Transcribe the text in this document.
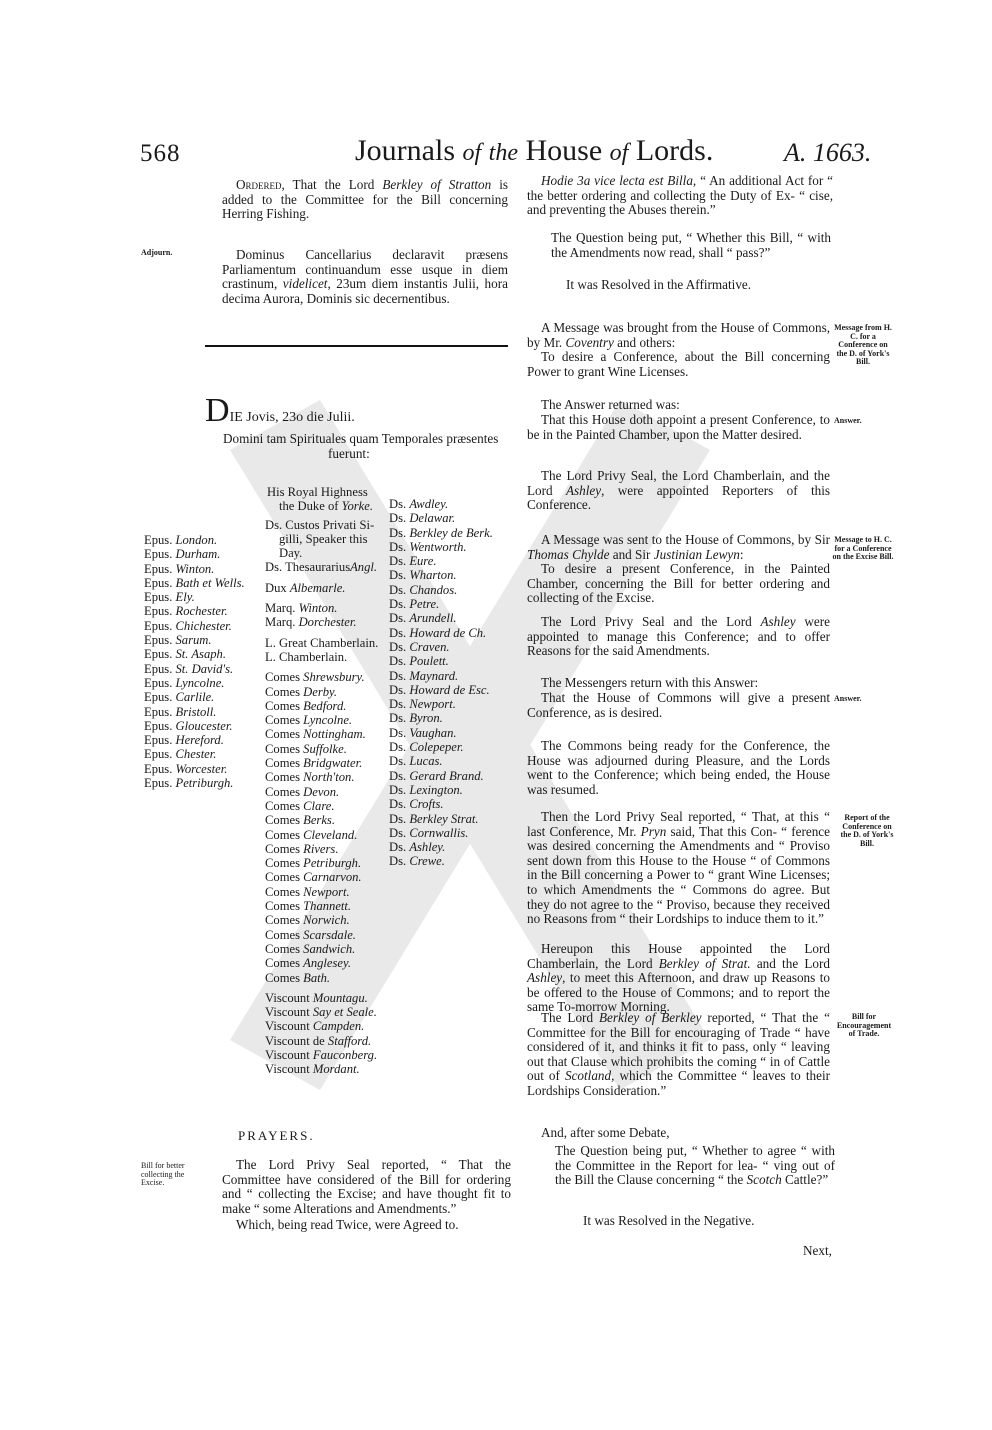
568	Journals of the House of Lords.	A. 1663.

Ordered, That the Lord Berkley of Stratton is added to the Committee for the Bill concerning Herring Fishing.

Adjourn.	Dominus Cancellarius declaravit præsens Parliamentum continuandum esse usque in diem crastinum, videlicet, 23um diem instantis Julii, hora decima Aurora, Dominis sic decernentibus.

DIE Jovis, 23o die Julii.
Domini tam Spirituales quam Temporales præsentes
fuerunt:
Epus. London.
Epus. Durham.
Epus. Winton.
Epus. Bath et Wells.
Epus. Ely.
Epus. Rochester.
Epus. Chichester.
Epus. Sarum.
Epus. St. Asaph.
Epus. St. David's.
Epus. Lyncolne.
Epus. Carlile.
Epus. Bristoll.
Epus. Gloucester.
Epus. Hereford.
Epus. Chester.
Epus. Worcester.
Epus. Petriburgh.
His Royal Highness
the Duke of Yorke.
Ds. Custos Privati Si-
gilli, Speaker this
Day.
Ds. ThesaurariusAngl.
Dux Albemarle.
Marq. Winton.
Marq. Dorchester.
L. Great Chamberlain.
L. Chamberlain.
Comes Shrewsbury.
Comes Derby.
Comes Bedford.
Comes Lyncolne.
Comes Nottingham.
Comes Suffolke.
Comes Bridgwater.
Comes North'ton.
Comes Devon.
Comes Clare.
Comes Berks.
Comes Cleveland.
Comes Rivers.
Comes Petriburgh.
Comes Carnarvon.
Comes Newport.
Comes Thannett.
Comes Norwich.
Comes Scarsdale.
Comes Sandwich.
Comes Anglesey.
Comes Bath.
Viscount Mountagu.
Viscount Say et Seale.
Viscount Campden.
Viscount de Stafford.
Viscount Fauconberg.
Viscount Mordant.
Ds. Awdley.
Ds. Delawar.
Ds. Berkley de Berk.
Ds. Wentworth.
Ds. Eure.
Ds. Wharton.
Ds. Chandos.
Ds. Petre.
Ds. Arundell.
Ds. Howard de Ch.
Ds. Craven.
Ds. Poulett.
Ds. Maynard.
Ds. Howard de Esc.
Ds. Newport.
Ds. Byron.
Ds. Vaughan.
Ds. Colepeper.
Ds. Lucas.
Ds. Gerard Brand.
Ds. Lexington.
Ds. Crofts.
Ds. Berkley Strat.
Ds. Cornwallis.
Ds. Ashley.
Ds. Crewe.
PRAYERS.
Bill for better collecting the Excise.

The Lord Privy Seal reported, “ That the Committee have considered of the Bill for ordering and “ collecting the Excise; and have thought fit to make “ some Alterations and Amendments.”

Which, being read Twice, were Agreed to.

Hodie 3a vice lecta est Billa, “ An additional Act for “ the better ordering and collecting the Duty of Ex- “ cise, and preventing the Abuses therein.”

The Question being put, “ Whether this Bill, “ with the Amendments now read, shall “ pass?”

It was Resolved in the Affirmative.

Message from H. C. for a Conference on the D. of York's Bill.

A Message was brought from the House of Commons, by Mr. Coventry and others:

To desire a Conference, about the Bill concerning Power to grant Wine Licenses.

The Answer returned was:

Answer.

That this House doth appoint a present Conference, to be in the Painted Chamber, upon the Matter desired.

The Lord Privy Seal, the Lord Chamberlain, and the Lord Ashley, were appointed Reporters of this Conference.

Message to H. C. for a Conference on the Excise Bill.

A Message was sent to the House of Commons, by Sir Thomas Chylde and Sir Justinian Lewyn:

To desire a present Conference, in the Painted Chamber, concerning the Bill for better ordering and collecting of the Excise.

The Lord Privy Seal and the Lord Ashley were appointed to manage this Conference; and to offer Reasons for the said Amendments.

The Messengers return with this Answer:

Answer.

That the House of Commons will give a present Conference, as is desired.

The Commons being ready for the Conference, the House was adjourned during Pleasure, and the Lords went to the Conference; which being ended, the House was resumed.

Report of the Conference on the D. of York's Bill.

Then the Lord Privy Seal reported, “ That, at this “ last Conference, Mr. Pryn said, That this Con- “ ference was desired concerning the Amendments and “ Proviso sent down from this House to the House “ of Commons in the Bill concerning a Power to “ grant Wine Licenses; to which Amendments the “ Commons do agree. But they do not agree to the “ Proviso, because they received no Reasons from “ their Lordships to induce them to it.”

Hereupon this House appointed the Lord Chamberlain, the Lord Berkley of Strat. and the Lord Ashley, to meet this Afternoon, and draw up Reasons to be offered to the House of Commons; and to report the same To-morrow Morning.

Bill for Encouragement of Trade.

The Lord Berkley of Berkley reported, “ That the “ Committee for the Bill for encouraging of Trade “ have considered of it, and thinks it fit to pass, only “ leaving out that Clause which prohibits the coming “ in of Cattle out of Scotland, which the Committee “ leaves to their Lordships Consideration.”

And, after some Debate,

The Question being put, “ Whether to agree “ with the Committee in the Report for lea- “ ving out of the Bill the Clause concerning “ the Scotch Cattle?”

It was Resolved in the Negative.

Next,
